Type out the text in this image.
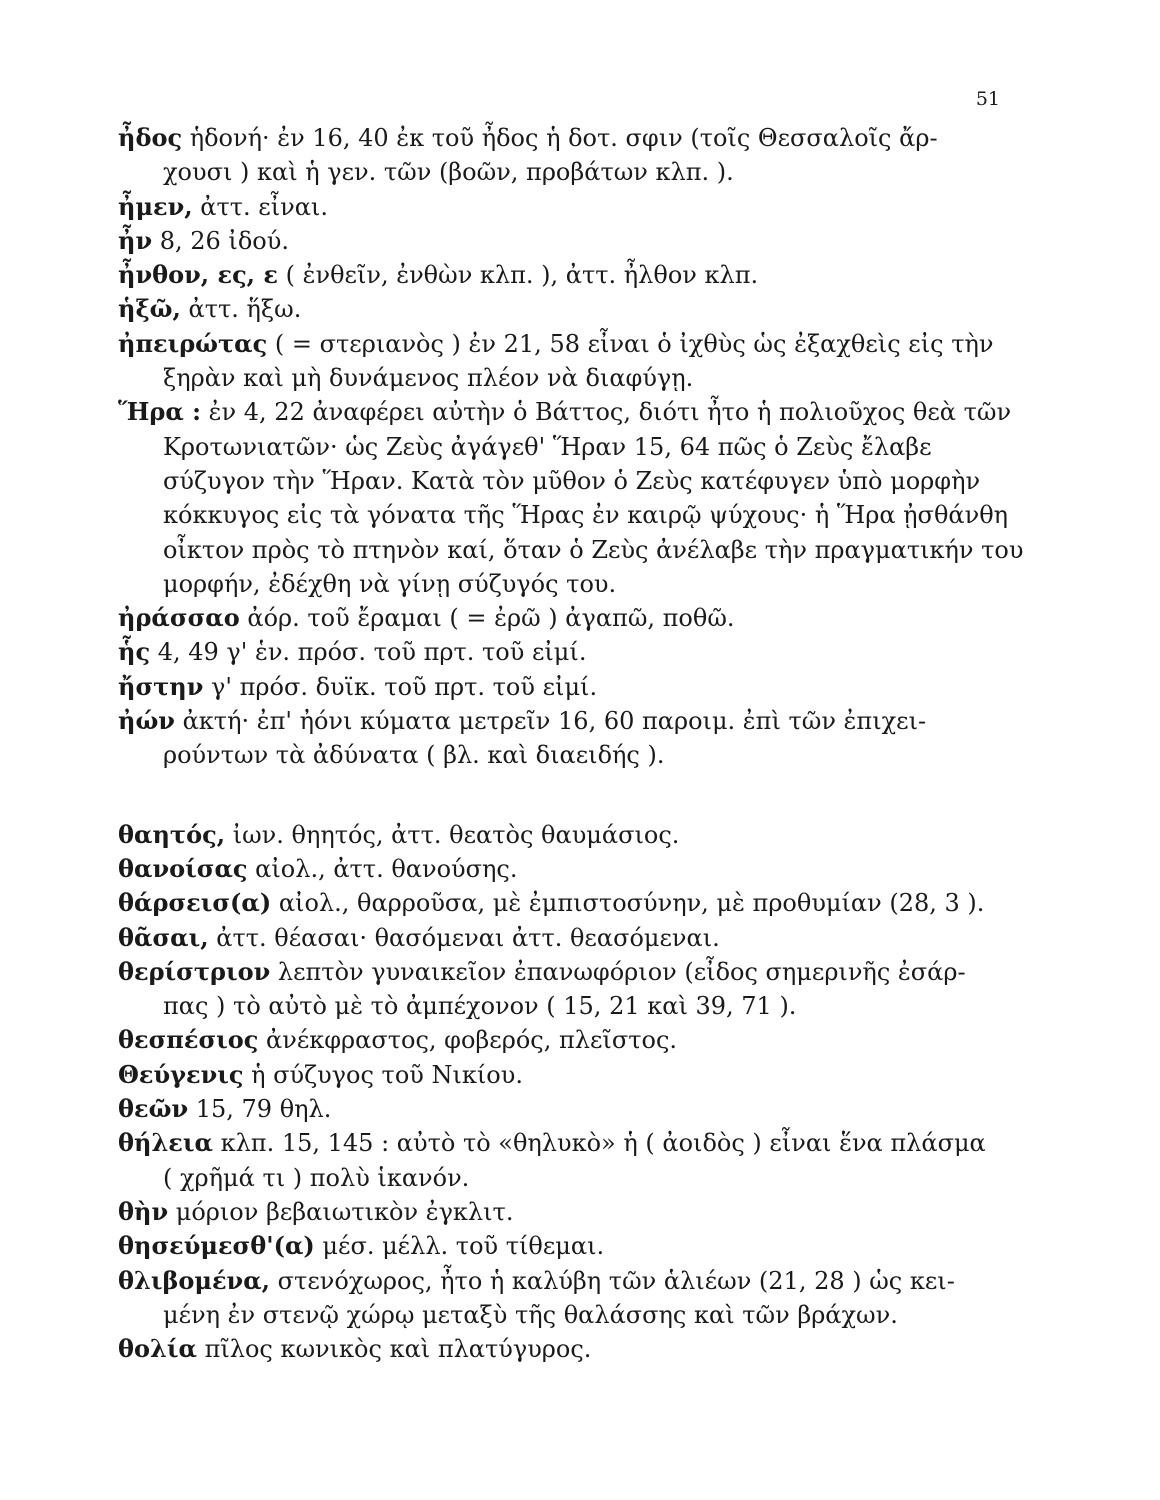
51
ἦδος ἡδονή· ἐν 16, 40 ἐκ τοῦ ἦδος ἡ δοτ. σφιν (τοῖς Θεσσαλοῖς ἄρ-
χουσι ) καὶ ἡ γεν. τῶν (βοῶν, προβάτων κλπ. ).
ἦμεν, ἀττ. εἶναι.
ἦν 8, 26 ἰδού.
ἦνθον, ες, ε ( ἐνθεῖν, ἐνθὼν κλπ. ), ἀττ. ἦλθον κλπ.
ἡξῶ, ἀττ. ἥξω.
ἠπειρώτας ( = στεριανὸς ) ἐν 21, 58 εἶναι ὁ ἰχθὺς ὡς ἐξαχθεὶς εἰς τὴν
ξηρὰν καὶ μὴ δυνάμενος πλέον νὰ διαφύγῃ.
Ἥρα : ἐν 4, 22 ἀναφέρει αὐτὴν ὁ Βάττος, διότι ἦτο ἡ πολιοῦχος θεὰ τῶν
Κροτωνιατῶν· ὡς Ζεὺς ἀγάγεθ' Ἥραν 15, 64 πῶς ὁ Ζεὺς ἔλαβε
σύζυγον τὴν Ἥραν. Κατὰ τὸν μῦθον ὁ Ζεὺς κατέφυγεν ὑπὸ μορφὴν
κόκκυγος εἰς τὰ γόνατα τῆς Ἥρας ἐν καιρῷ ψύχους· ἡ Ἥρα ᾐσθάνθη
οἶκτον πρὸς τὸ πτηνὸν καί, ὅταν ὁ Ζεὺς ἀνέλαβε τὴν πραγματικήν του
μορφήν, ἐδέχθη νὰ γίνῃ σύζυγός του.
ἠράσσαο ἀόρ. τοῦ ἔραμαι ( = ἐρῶ ) ἀγαπῶ, ποθῶ.
ἧς 4, 49 γ' ἑν. πρόσ. τοῦ πρτ. τοῦ εἰμί.
ἤστην γ' πρόσ. δυϊκ. τοῦ πρτ. τοῦ εἰμί.
ἠών ἀκτή· ἐπ' ἠόνι κύματα μετρεῖν 16, 60 παροιμ. ἐπὶ τῶν ἐπιχει-
ρούντων τὰ ἀδύνατα ( βλ. καὶ διαειδής ).
θαητός, ἰων. θηητός, ἀττ. θεατὸς θαυμάσιος.
θανοίσας αἰολ., ἀττ. θανούσης.
θάρσεισ(α) αἰολ., θαρροῦσα, μὲ ἐμπιστοσύνην, μὲ προθυμίαν (28, 3 ).
θᾶσαι, ἀττ. θέασαι· θασόμεναι ἀττ. θεασόμεναι.
θερίστριον λεπτὸν γυναικεῖον ἐπανωφόριον (εἶδος σημερινῆς ἐσάρ-
πας ) τὸ αὐτὸ μὲ τὸ ἀμπέχονον ( 15, 21 καὶ 39, 71 ).
θεσπέσιος ἀνέκφραστος, φοβερός, πλεῖστος.
Θεύγενις ἡ σύζυγος τοῦ Νικίου.
θεῶν 15, 79 θηλ.
θήλεια κλπ. 15, 145 : αὐτὸ τὸ «θηλυκὸ» ἡ ( ἀοιδὸς ) εἶναι ἕνα πλάσμα
( χρῆμά τι ) πολὺ ἱκανόν.
θὴν μόριον βεβαιωτικὸν ἐγκλιτ.
θησεύμεσθ'(α) μέσ. μέλλ. τοῦ τίθεμαι.
θλιβομένα, στενόχωρος, ἦτο ἡ καλύβη τῶν ἁλιέων (21, 28 ) ὡς κει-
μένη ἐν στενῷ χώρῳ μεταξὺ τῆς θαλάσσης καὶ τῶν βράχων.
θολία πῖλος κωνικὸς καὶ πλατύγυρος.
